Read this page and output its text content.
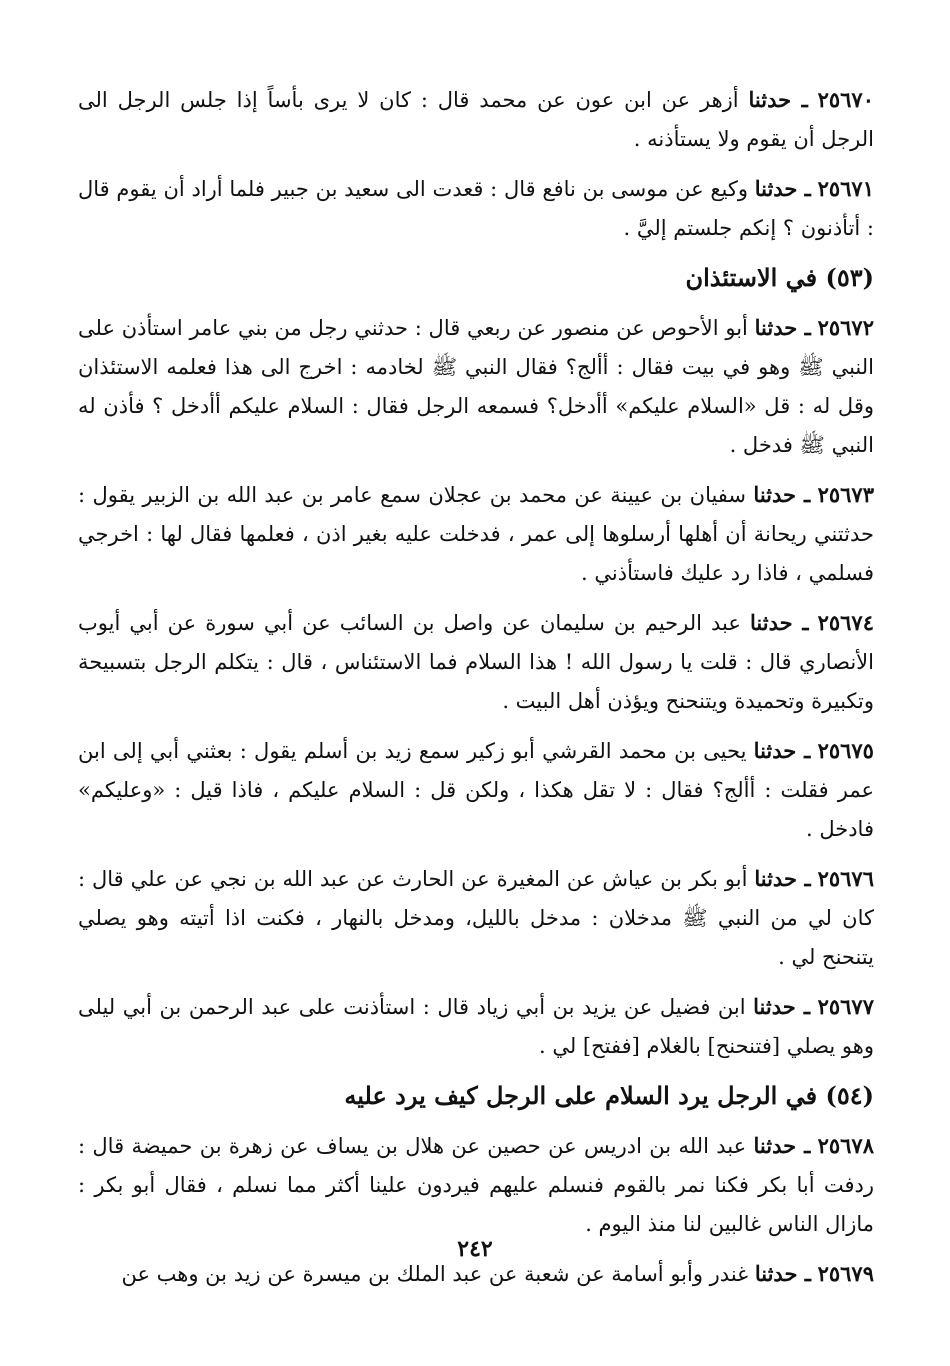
٢٥٦٧٠ ـ حدثنا أزهر عن ابن عون عن محمد قال : كان لا يرى بأساً إذا جلس الرجل الى الرجل أن يقوم ولا يستأذنه .

٢٥٦٧١ ـ حدثنا وكيع عن موسى بن نافع قال : قعدت الى سعيد بن جبير فلما أراد أن يقوم قال : أتأذنون ؟ إنكم جلستم إليَّ .

(٥٣) في الاستئذان

٢٥٦٧٢ ـ حدثنا أبو الأحوص عن منصور عن ربعي قال : حدثني رجل من بني عامر استأذن على النبي ﷺ وهو في بيت فقال : أألج؟ فقال النبي ﷺ لخادمه : اخرج الى هذا فعلمه الاستئذان وقل له : قل «السلام عليكم» أأدخل؟ فسمعه الرجل فقال : السلام عليكم أأدخل ؟ فأذن له النبي ﷺ فدخل .

٢٥٦٧٣ ـ حدثنا سفيان بن عيينة عن محمد بن عجلان سمع عامر بن عبد الله بن الزبير يقول : حدثتني ريحانة أن أهلها أرسلوها إلى عمر ، فدخلت عليه بغير اذن ، فعلمها فقال لها : اخرجي فسلمي ، فاذا رد عليك فاستأذني .

٢٥٦٧٤ ـ حدثنا عبد الرحيم بن سليمان عن واصل بن السائب عن أبي سورة عن أبي أيوب الأنصاري قال : قلت يا رسول الله ! هذا السلام فما الاستئناس ، قال : يتكلم الرجل بتسبيحة وتكبيرة وتحميدة ويتنحنح ويؤذن أهل البيت .

٢٥٦٧٥ ـ حدثنا يحيى بن محمد القرشي أبو زكير سمع زيد بن أسلم يقول : بعثني أبي إلى ابن عمر فقلت : أألج؟ فقال : لا تقل هكذا ، ولكن قل : السلام عليكم ، فاذا قيل : «وعليكم» فادخل .

٢٥٦٧٦ ـ حدثنا أبو بكر بن عياش عن المغيرة عن الحارث عن عبد الله بن نجي عن علي قال : كان لي من النبي ﷺ مدخلان : مدخل بالليل، ومدخل بالنهار ، فكنت اذا أتيته وهو يصلي يتنحنح لي .

٢٥٦٧٧ ـ حدثنا ابن فضيل عن يزيد بن أبي زياد قال : استأذنت على عبد الرحمن بن أبي ليلى وهو يصلي [فتنحنح] بالغلام [ففتح] لي .

(٥٤) في الرجل يرد السلام على الرجل كيف يرد عليه

٢٥٦٧٨ ـ حدثنا عبد الله بن ادريس عن حصين عن هلال بن يساف عن زهرة بن حميضة قال : ردفت أبا بكر فكنا نمر بالقوم فنسلم عليهم فيردون علينا أكثر مما نسلم ، فقال أبو بكر : مازال الناس غالبين لنا منذ اليوم .

٢٥٦٧٩ ـ حدثنا غندر وأبو أسامة عن شعبة عن عبد الملك بن ميسرة عن زيد بن وهب عن

٢٤٢
